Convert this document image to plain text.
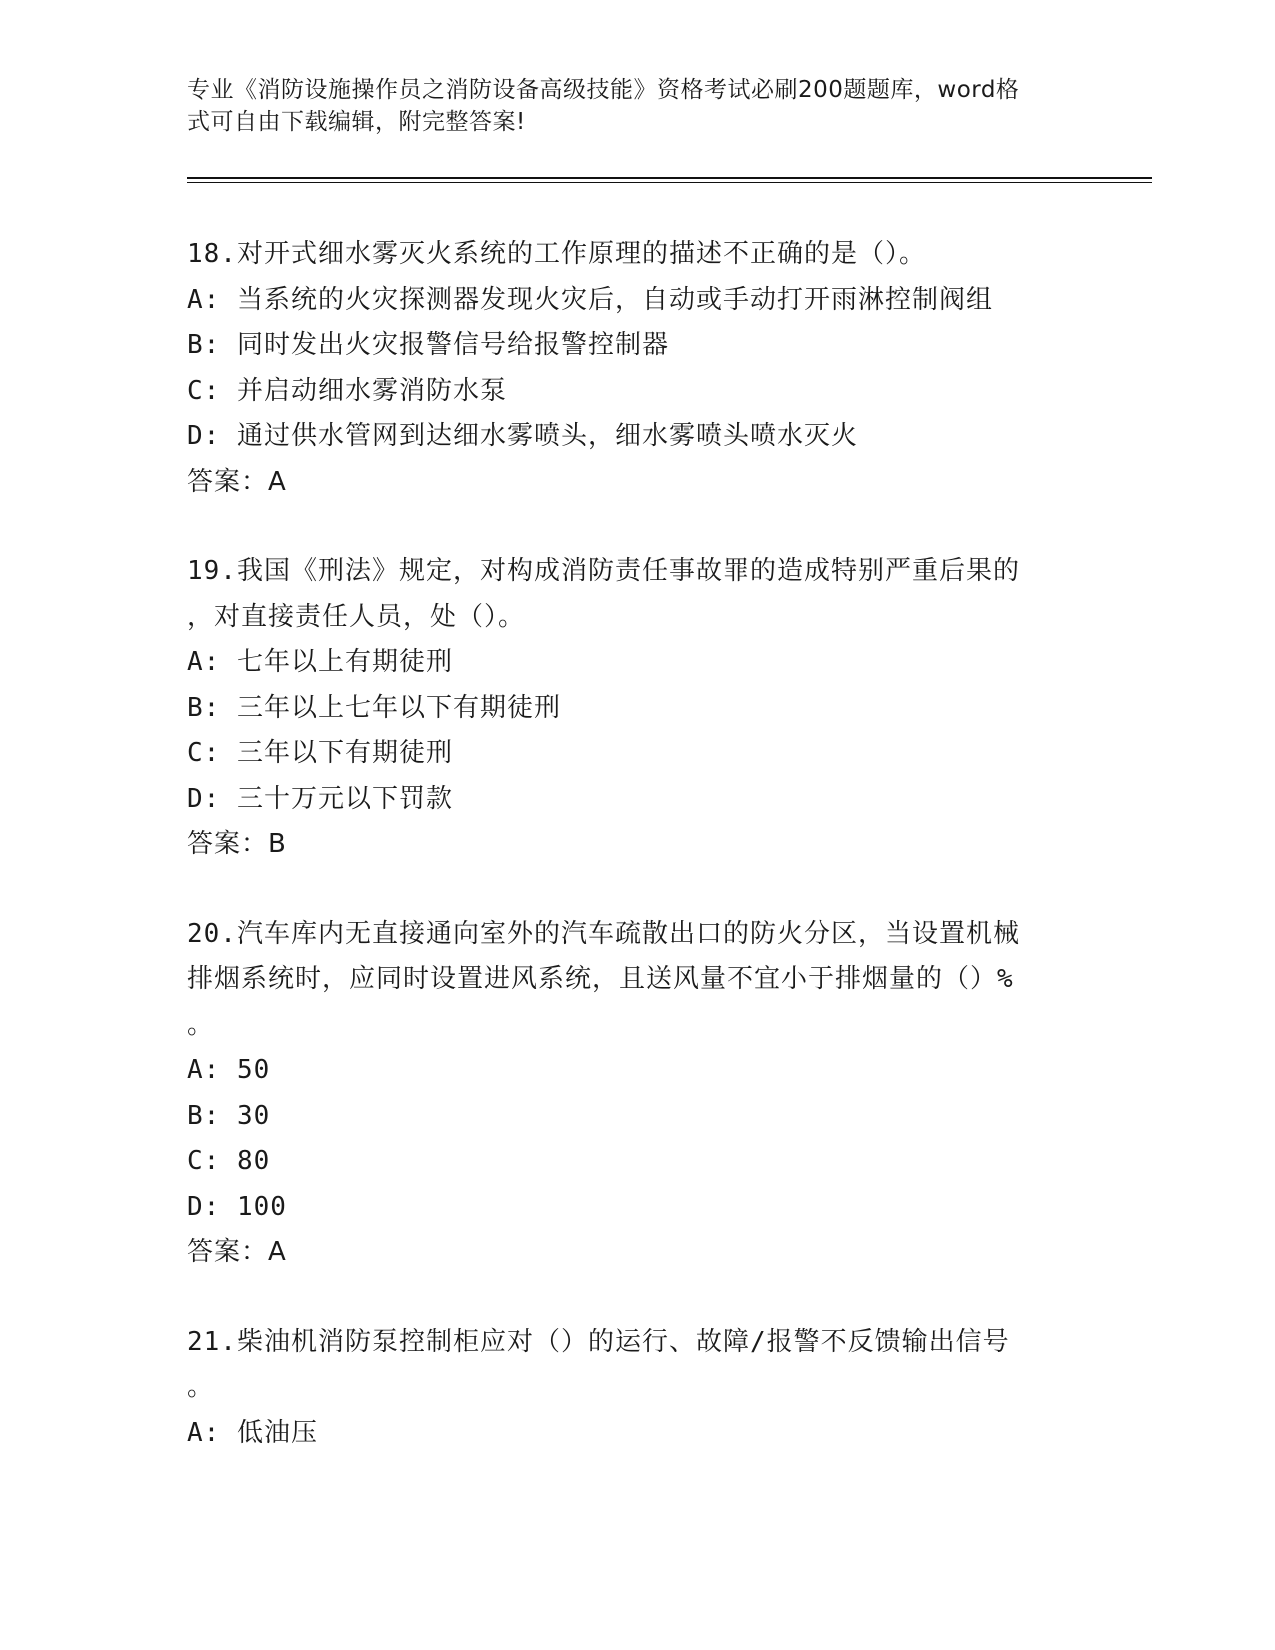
专业《消防设施操作员之消防设备高级技能》资格考试必刷200题题库，word格
式可自由下载编辑，附完整答案!
18.对开式细水雾灭火系统的工作原理的描述不正确的是（）。
A: 当系统的火灾探测器发现火灾后，自动或手动打开雨淋控制阀组
B: 同时发出火灾报警信号给报警控制器
C: 并启动细水雾消防水泵
D: 通过供水管网到达细水雾喷头，细水雾喷头喷水灭火
答案：A
19.我国《刑法》规定，对构成消防责任事故罪的造成特别严重后果的
，对直接责任人员，处（）。
A: 七年以上有期徒刑
B: 三年以上七年以下有期徒刑
C: 三年以下有期徒刑
D: 三十万元以下罚款
答案：B
20.汽车库内无直接通向室外的汽车疏散出口的防火分区，当设置机械
排烟系统时，应同时设置进风系统，且送风量不宜小于排烟量的（）%
。
A: 50
B: 30
C: 80
D: 100
答案：A
21.柴油机消防泵控制柜应对（）的运行、故障/报警不反馈输出信号
。
A: 低油压
